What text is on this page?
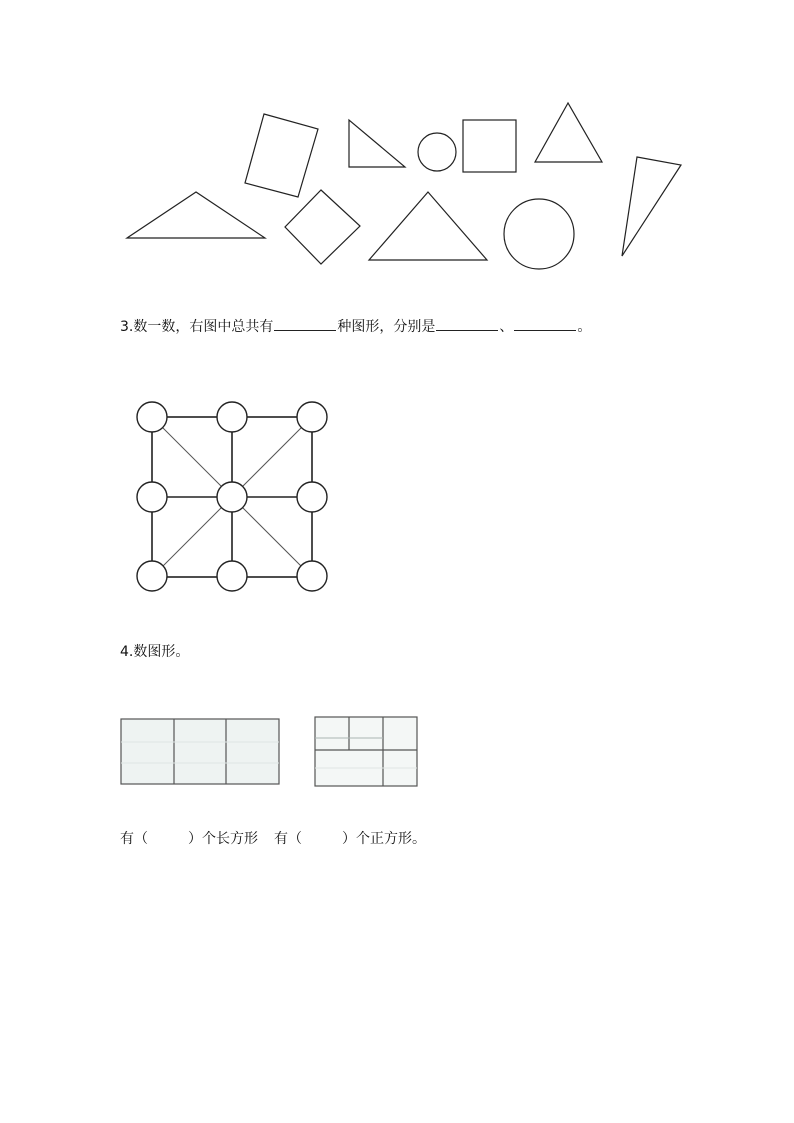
3.数一数，右图中总共有	种图形，分别是	、	。
4.数图形。
有（	）个长方形 有（	）个正方形。
